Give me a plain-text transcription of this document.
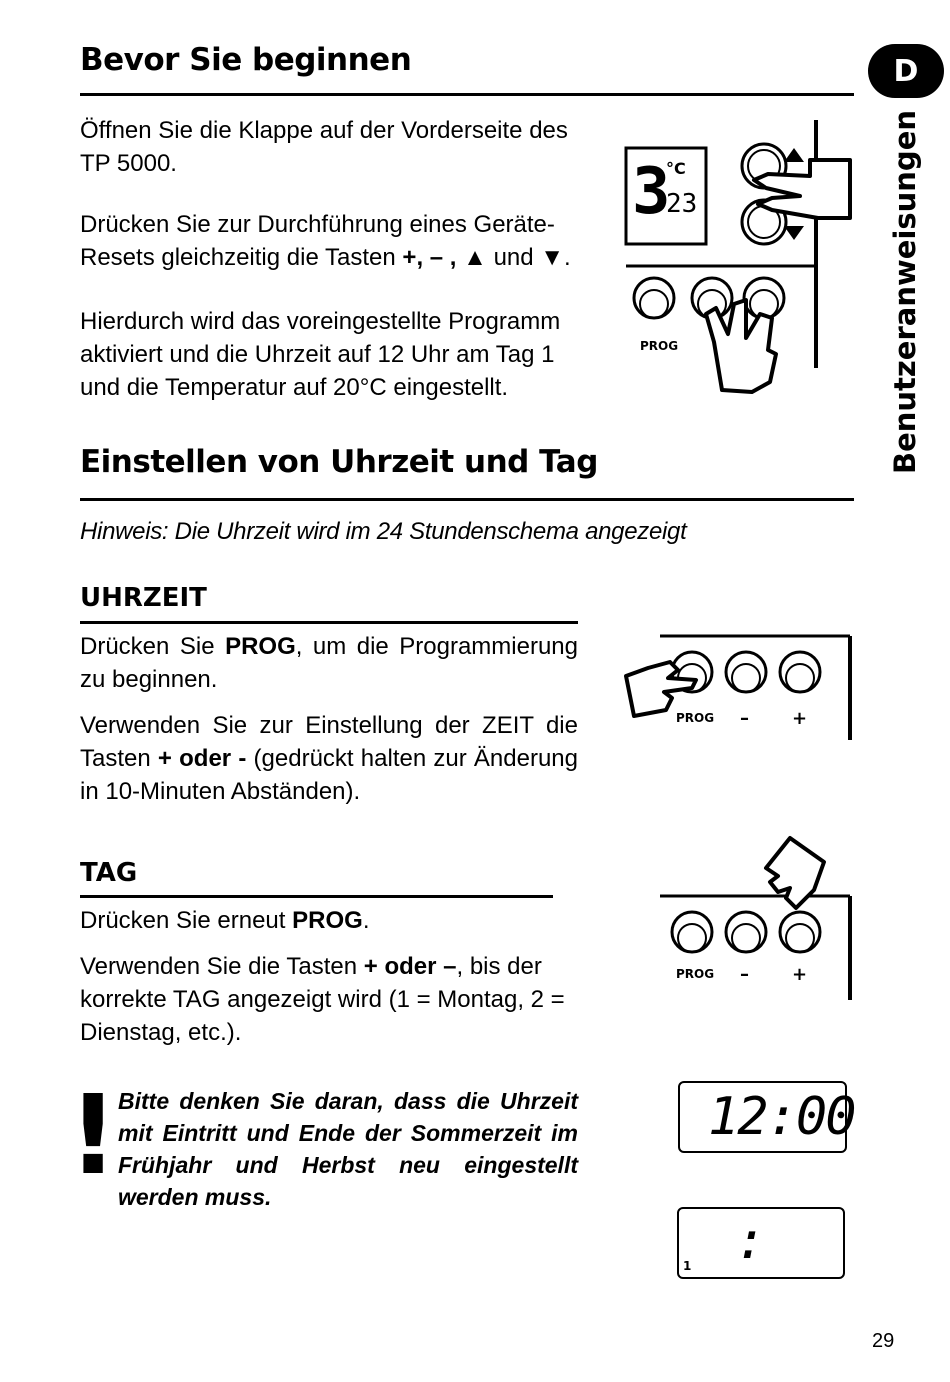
D
Benutzeranweisungen
Bevor Sie beginnen

Öffnen Sie die Klappe auf der Vorderseite des TP 5000.

Drücken Sie zur Durchführung eines Geräte-Resets gleichzeitig die Tasten +, – , ▲ und ▼.

Hierdurch wird das voreingestellte Programm aktiviert und die Uhrzeit auf 12 Uhr am Tag 1 und die Temperatur auf 20°C eingestellt.

3
°C
23
PROG
Einstellen von Uhrzeit und Tag
Hinweis: Die Uhrzeit wird im 24 Stundenschema angezeigt
UHRZEIT

Drücken Sie PROG, um die Programmierung zu beginnen.

Verwenden Sie zur Einstellung der ZEIT die Tasten + oder - (gedrückt halten zur Änderung in 10-Minuten Abständen).

PROG – +
TAG

Drücken Sie erneut PROG.

Verwenden Sie die Tasten + oder –, bis der korrekte TAG angezeigt wird (1 = Montag, 2 = Dienstag, etc.).

PROG – +
! Bitte denken Sie daran, dass die Uhrzeit mit Eintritt und Ende der Sommerzeit im Frühjahr und Herbst neu eingestellt werden muss.

12:00
:
1
29
